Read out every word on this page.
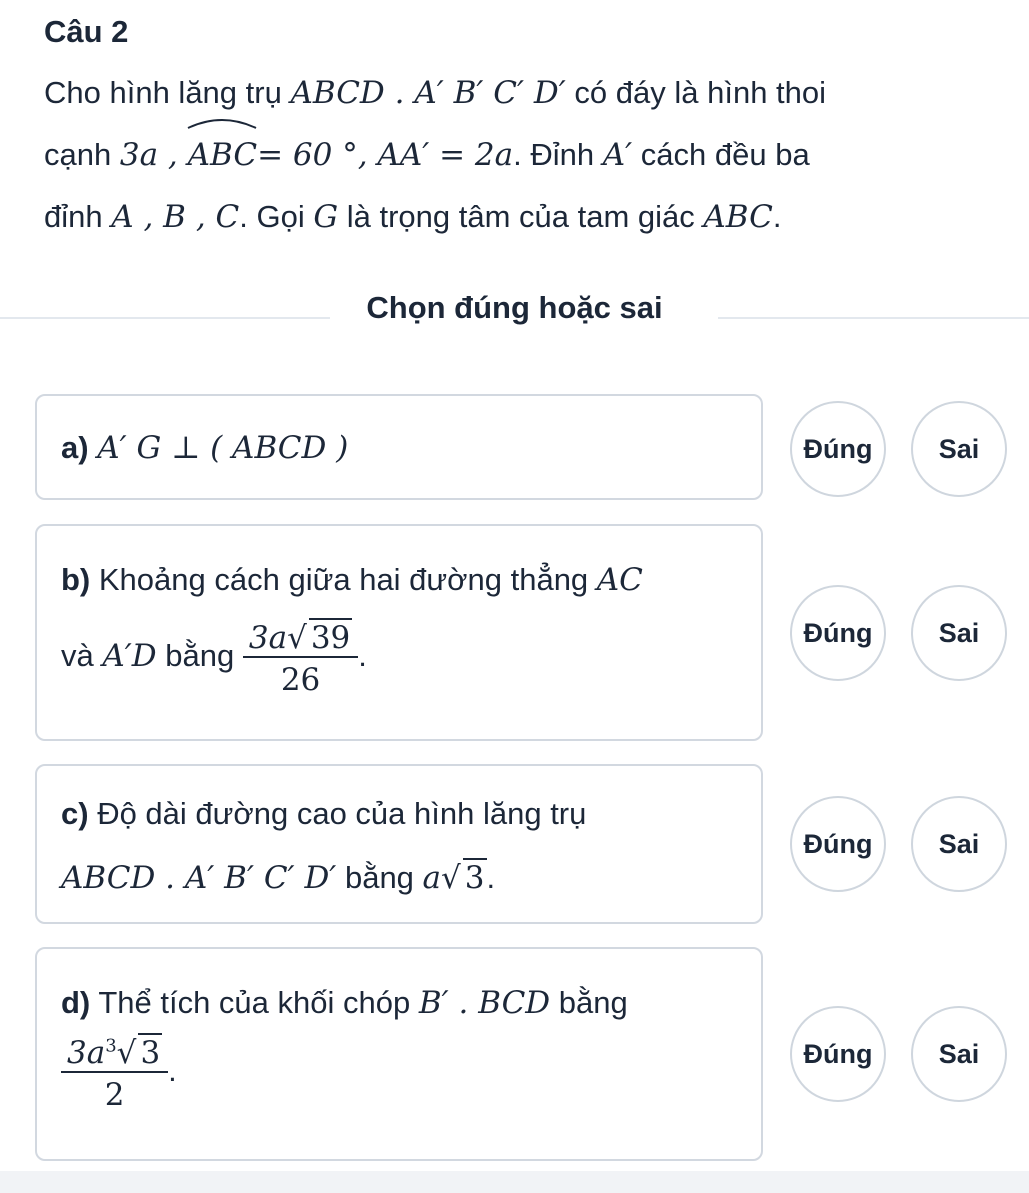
Câu 2
Cho hình lăng trụ ABCD . A′ B′ C′ D′ có đáy là hình thoi
cạnh 3a ,
ABC= 60 °, AA′ = 2a. Đỉnh A′ cách đều ba
đỉnh A , B , C. Gọi G là trọng tâm của tam giác ABC.
Chọn đúng hoặc sai
a) A′ G ⊥ ( ABCD )	Đúng Sai
b) Khoảng cách giữa hai đường thẳng AC
và A′D bằng $\frac{3a√ 39}{26}$ .
Đúng Sai
c) Độ dài đường cao của hình lăng trụ
ABCD . A′ B′ C′ D′ bằng a√ 3.
Đúng Sai
d) Thể tích của khối chóp B′ . BCD bằng
$\frac{3a^3√ 3}{2}$ .	Đúng Sai
